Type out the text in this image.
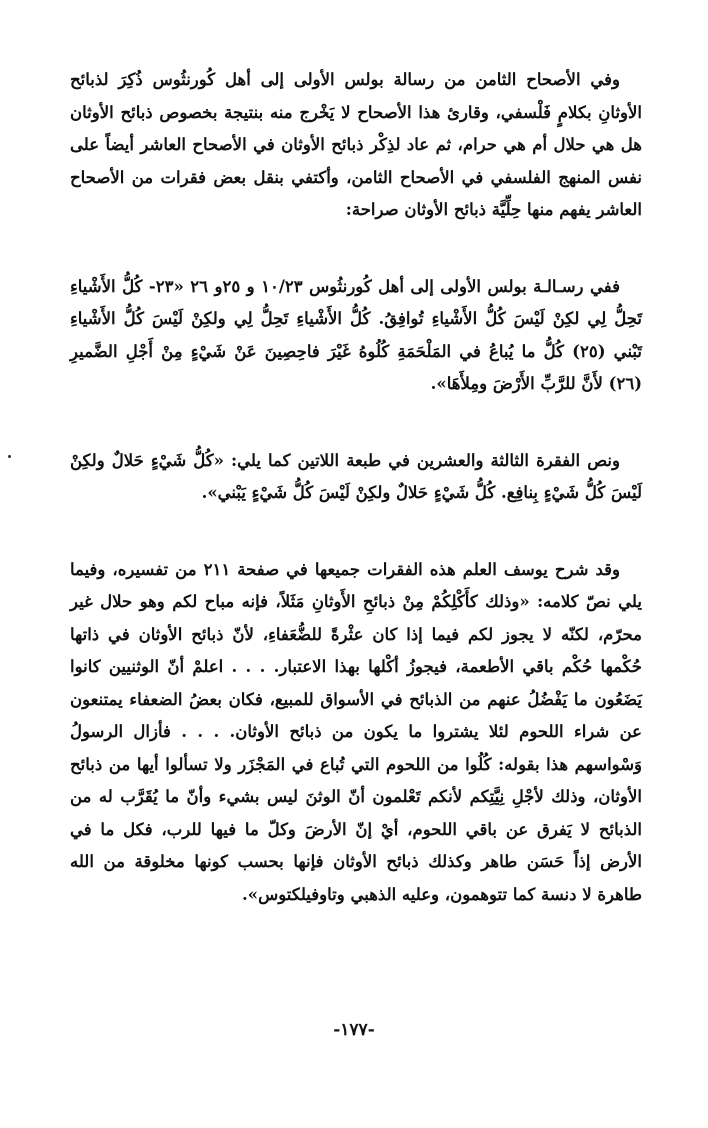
وفي الأصحاح الثامن من رسالة بولس الأولى إلى أهل كُورنثُوس ذُكِرَ لذبائح الأوثانِ بكلامٍ فَلْسفي، وقارئ هذا الأصحاح لا يَخْرج منه بنتيجة بخصوص ذبائح الأوثان هل هي حلال أم هي حرام، ثم عاد لذِكْر ذبائح الأوثان في الأصحاح العاشر أيضاً على نفس المنهج الفلسفي في الأصحاح الثامن، وأكتفي بنقل بعض فقرات من الأصحاح العاشر يفهم منها حِلِّيَّة ذبائح الأوثان صراحة:

ففي رسـالـة بولس الأولى إلى أهل كُورنثُوس ١٠/٢٣ و ٢٥و ٢٦ «٢٣- كُلُّ الأَشْياءِ تَحِلُّ لِي لكِنْ لَيْسَ كُلُّ الأَشْياءِ تُوافِقُ. كُلُّ الأَشْياءِ تَحِلُّ لِي ولكِنْ لَيْسَ كُلُّ الأَشْياءِ تَبْني (٢٥) كُلُّ ما يُباعُ في المَلْحَمَةِ كُلُوهُ غَيْرَ فاحِصِينَ عَنْ شَيْءٍ مِنْ أَجْلِ الضَّميرِ (٢٦) لأَنَّ للرَّبِّ الأَرْضَ ومِلأَهَا».

ونص الفقرة الثالثة والعشرين في طبعة اللاتين كما يلي: «كُلُّ شَيْءٍ حَلالٌ ولكِنْ لَيْسَ كُلُّ شَيْءٍ بِنافِع. كُلُّ شَيْءٍ حَلالٌ ولكِنْ لَيْسَ كُلُّ شَيْءٍ يَبْني».

وقد شرح يوسف العلم هذه الفقرات جميعها في صفحة ٢١١ من تفسيره، وفيما يلي نصّ كلامه: «وذلك كأَكْلِكُمْ مِنْ ذبائحِ الأَوثانِ مَثَلاً، فإنه مباح لكم وهو حلال غير محرّم، لكنّه لا يجوز لكم فيما إذا كان عثْرةً للضُّعَفاءِ، لأنّ ذبائح الأوثان في ذاتها حُكْمها حُكْم باقي الأطعمة، فيجوزُ أكْلها بهذا الاعتبار. . . . اعلمْ أنّ الوثنيين كانوا يَضَعُون ما يَفْضُلُ عنهم من الذبائح في الأسواق للمبيع، فكان بعضُ الضعفاء يمتنعون عن شراء اللحوم لئلا يشتروا ما يكون من ذبائح الأوثان. . . . فأزال الرسولُ وَسْواسهم هذا بقوله: كُلُوا من اللحوم التي تُباع في المَجْزَر ولا تسألوا أيها من ذبائح الأوثان، وذلك لأجْلِ نِيَّتِكم لأنكم تَعْلمون أنّ الوثنَ ليس بشيء وأنّ ما يُقَرَّب له من الذبائح لا يَفرق عن باقي اللحوم، أيْ إنّ الأرضَ وكلّ ما فيها للرب، فكل ما في الأرض إذاً حَسَن طاهر وكذلك ذبائح الأوثان فإنها بحسب كونها مخلوقة من الله طاهرة لا دنسة كما تتوهمون، وعليه الذهبي وتاوفيلكتوس».

-١٧٧-
